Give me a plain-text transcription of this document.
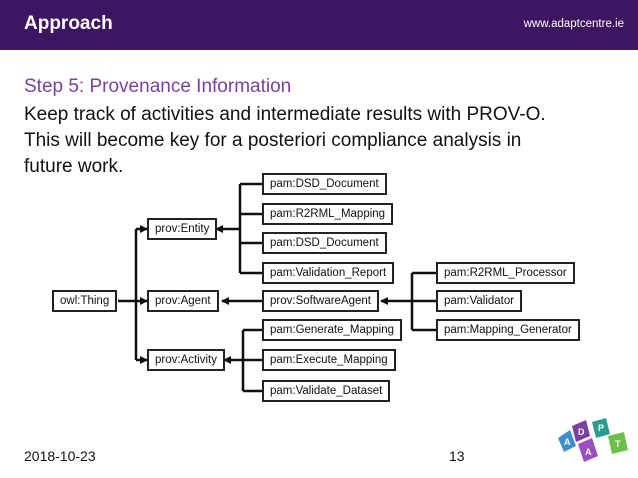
Approach	www.adaptcentre.ie
Step 5: Provenance Information
Keep track of activities and intermediate results with PROV-O.
This will become key for a posteriori compliance analysis in
future work.
owl:Thing
prov:Entity
prov:Agent
prov:Activity
pam:DSD_Document
pam:R2RML_Mapping
pam:DSD_Document
pam:Validation_Report
prov:SoftwareAgent
pam:R2RML_Processor
pam:Validator
pam:Mapping_Generator
pam:Generate_Mapping
pam:Execute_Mapping
pam:Validate_Dataset
2018-10-23	13
A
D
A
P
T
